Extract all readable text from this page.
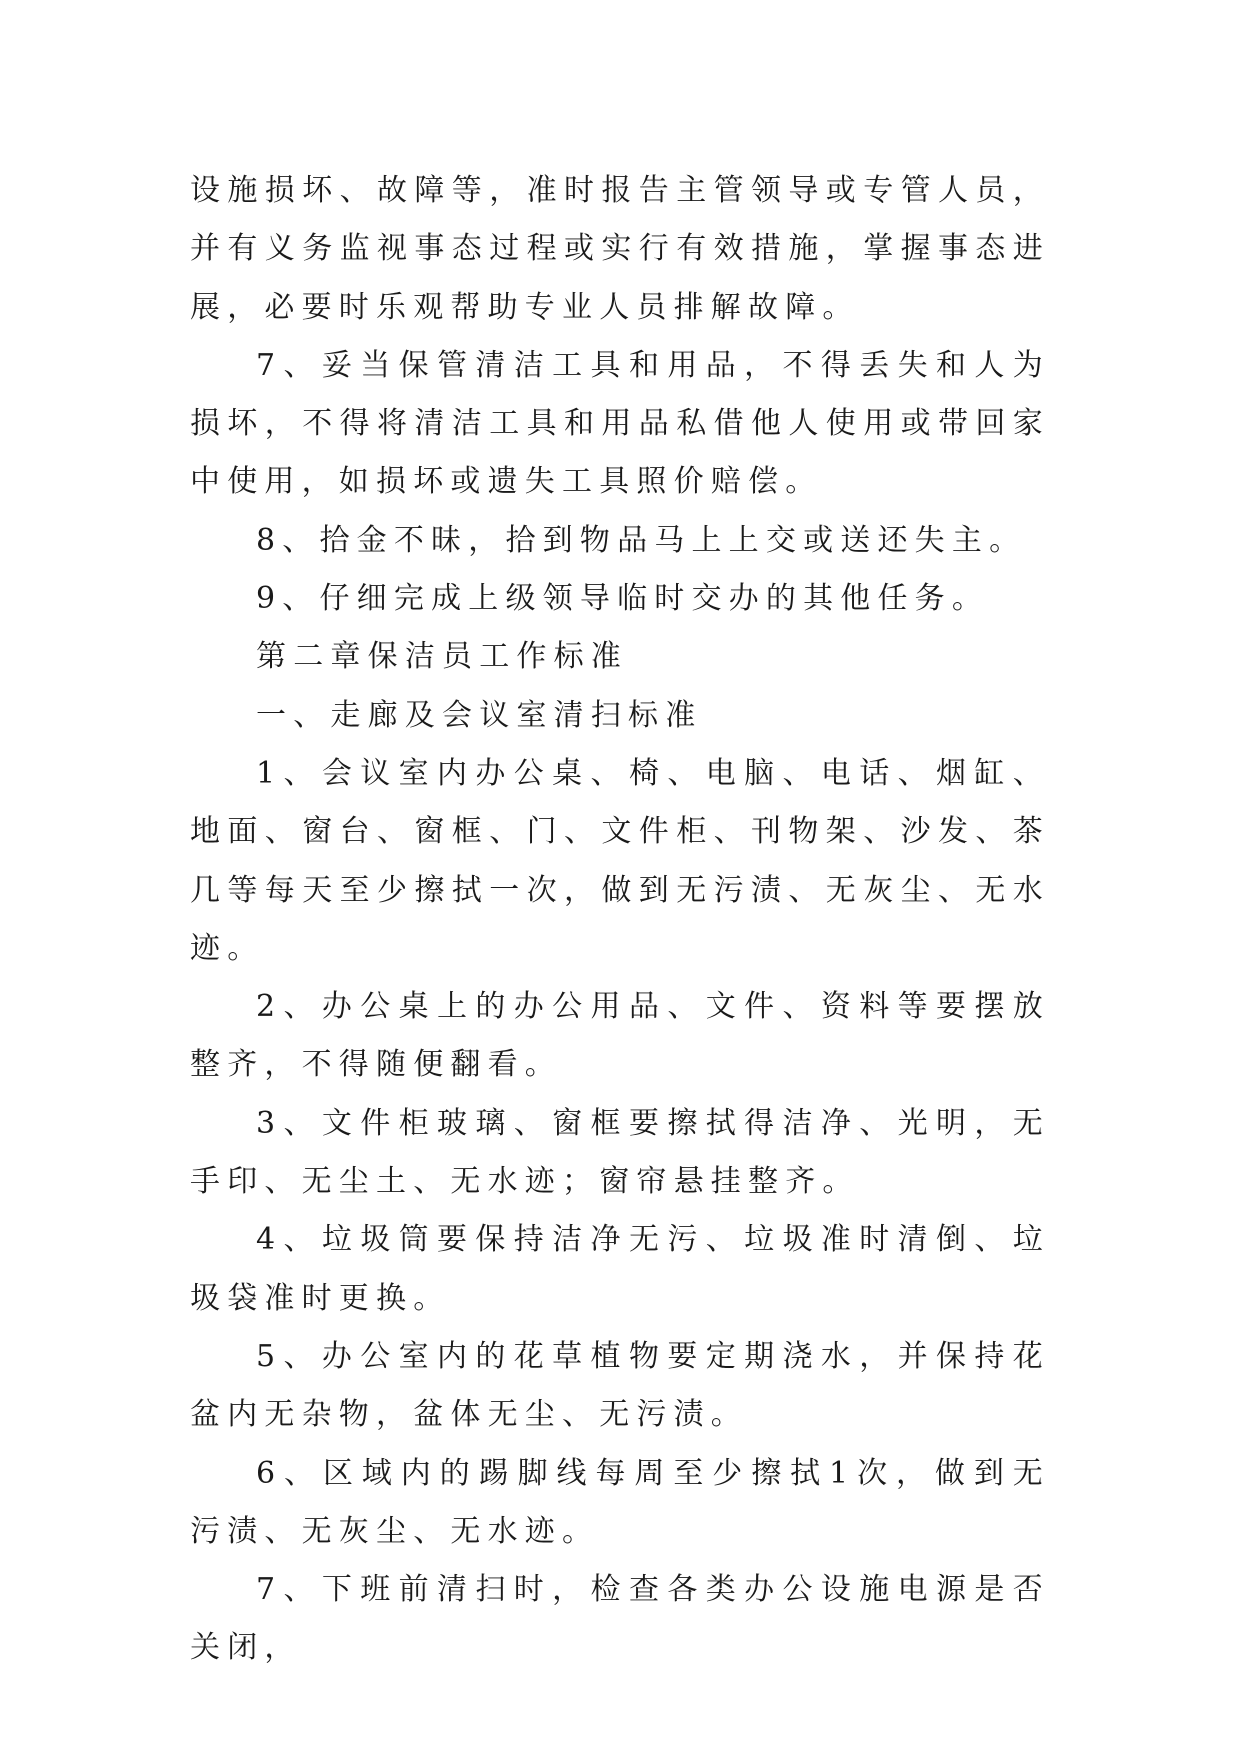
设施损坏、故障等，准时报告主管领导或专管人员，并有义务监视事态过程或实行有效措施，掌握事态进展，必要时乐观帮助专业人员排解故障。

7、妥当保管清洁工具和用品，不得丢失和人为损坏，不得将清洁工具和用品私借他人使用或带回家中使用，如损坏或遗失工具照价赔偿。

8、拾金不昧，拾到物品马上上交或送还失主。

9、仔细完成上级领导临时交办的其他任务。

第二章保洁员工作标准

一、走廊及会议室清扫标准

1、会议室内办公桌、椅、电脑、电话、烟缸、地面、窗台、窗框、门、文件柜、刊物架、沙发、茶几等每天至少擦拭一次，做到无污渍、无灰尘、无水迹。

2、办公桌上的办公用品、文件、资料等要摆放整齐，不得随便翻看。

3、文件柜玻璃、窗框要擦拭得洁净、光明，无手印、无尘土、无水迹；窗帘悬挂整齐。

4、垃圾筒要保持洁净无污、垃圾准时清倒、垃圾袋准时更换。

5、办公室内的花草植物要定期浇水，并保持花盆内无杂物，盆体无尘、无污渍。

6、区域内的踢脚线每周至少擦拭1次，做到无污渍、无灰尘、无水迹。

7、下班前清扫时，检查各类办公设施电源是否关闭，
